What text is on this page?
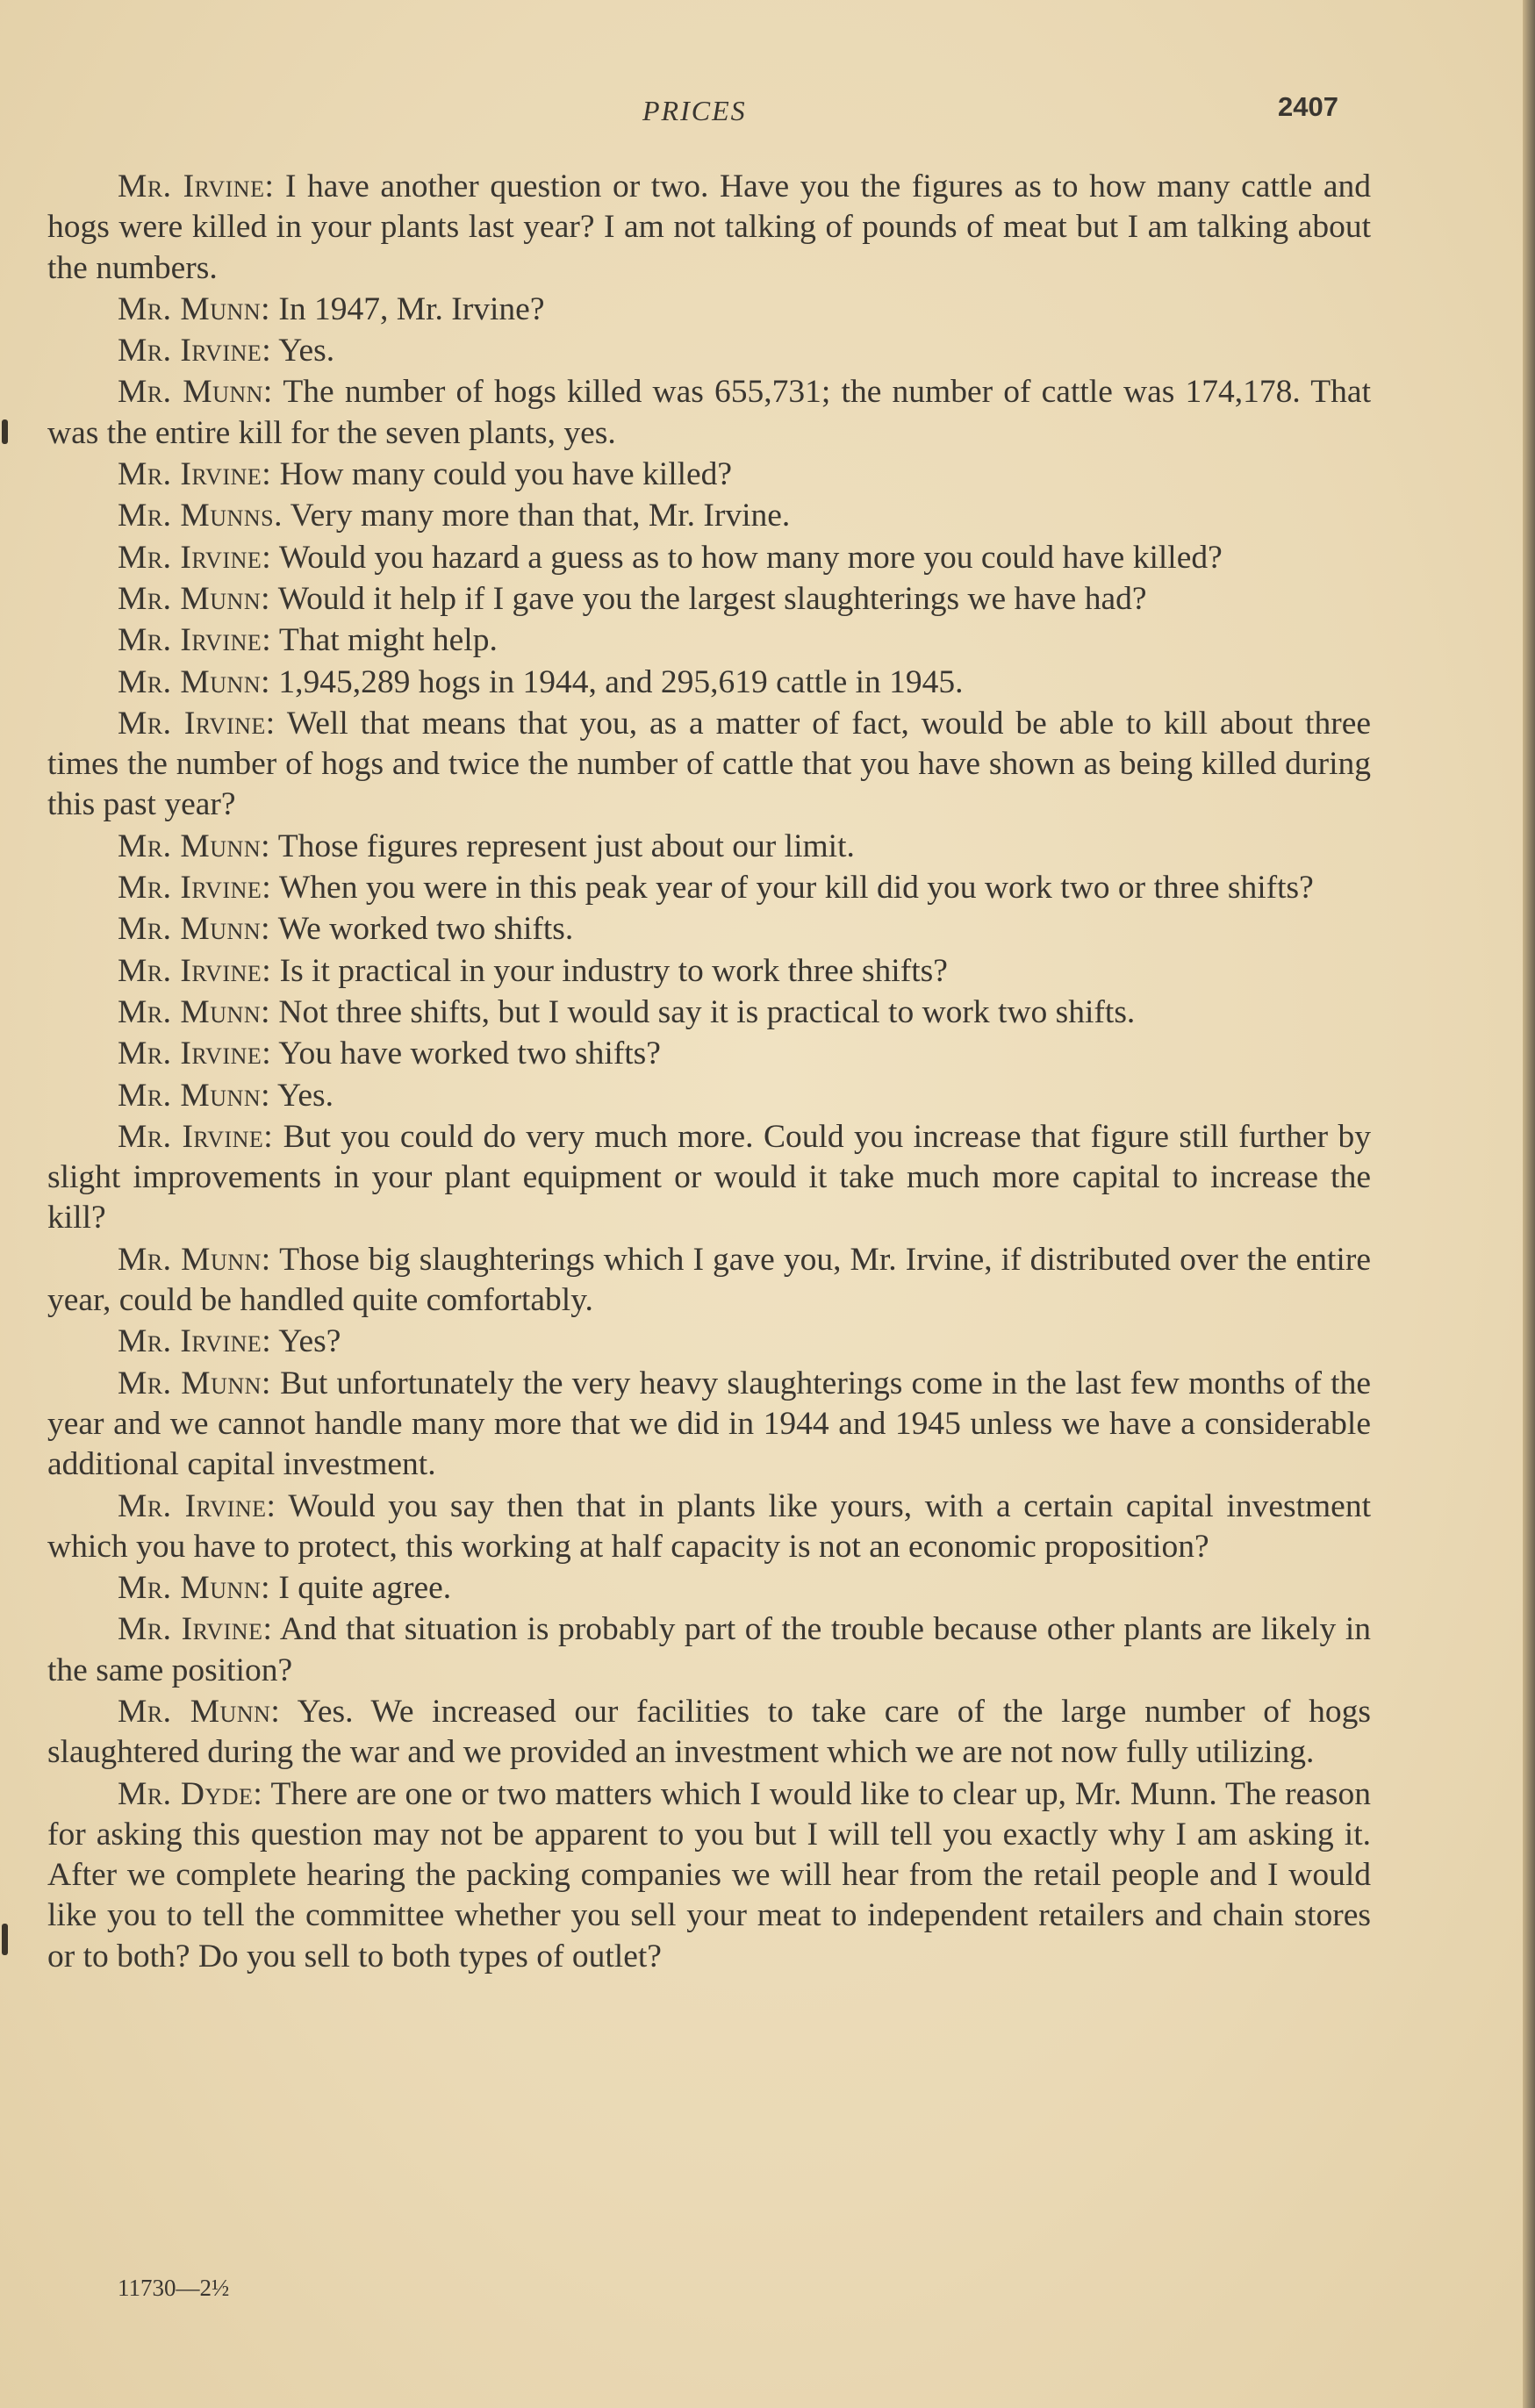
PRICES	2407

Mr. Irvine: I have another question or two. Have you the figures as to how many cattle and hogs were killed in your plants last year? I am not talking of pounds of meat but I am talking about the numbers.

Mr. Munn: In 1947, Mr. Irvine?

Mr. Irvine: Yes.

Mr. Munn: The number of hogs killed was 655,731; the number of cattle was 174,178. That was the entire kill for the seven plants, yes.

Mr. Irvine: How many could you have killed?

Mr. Munns. Very many more than that, Mr. Irvine.

Mr. Irvine: Would you hazard a guess as to how many more you could have killed?

Mr. Munn: Would it help if I gave you the largest slaughterings we have had?

Mr. Irvine: That might help.

Mr. Munn: 1,945,289 hogs in 1944, and 295,619 cattle in 1945.

Mr. Irvine: Well that means that you, as a matter of fact, would be able to kill about three times the number of hogs and twice the number of cattle that you have shown as being killed during this past year?

Mr. Munn: Those figures represent just about our limit.

Mr. Irvine: When you were in this peak year of your kill did you work two or three shifts?

Mr. Munn: We worked two shifts.

Mr. Irvine: Is it practical in your industry to work three shifts?

Mr. Munn: Not three shifts, but I would say it is practical to work two shifts.

Mr. Irvine: You have worked two shifts?

Mr. Munn: Yes.

Mr. Irvine: But you could do very much more. Could you increase that figure still further by slight improvements in your plant equipment or would it take much more capital to increase the kill?

Mr. Munn: Those big slaughterings which I gave you, Mr. Irvine, if distributed over the entire year, could be handled quite comfortably.

Mr. Irvine: Yes?

Mr. Munn: But unfortunately the very heavy slaughterings come in the last few months of the year and we cannot handle many more that we did in 1944 and 1945 unless we have a considerable additional capital investment.

Mr. Irvine: Would you say then that in plants like yours, with a certain capital investment which you have to protect, this working at half capacity is not an economic proposition?

Mr. Munn: I quite agree.

Mr. Irvine: And that situation is probably part of the trouble because other plants are likely in the same position?

Mr. Munn: Yes. We increased our facilities to take care of the large number of hogs slaughtered during the war and we provided an investment which we are not now fully utilizing.

Mr. Dyde: There are one or two matters which I would like to clear up, Mr. Munn. The reason for asking this question may not be apparent to you but I will tell you exactly why I am asking it. After we complete hearing the packing companies we will hear from the retail people and I would like you to tell the committee whether you sell your meat to independent retailers and chain stores or to both? Do you sell to both types of outlet?

11730—2½
